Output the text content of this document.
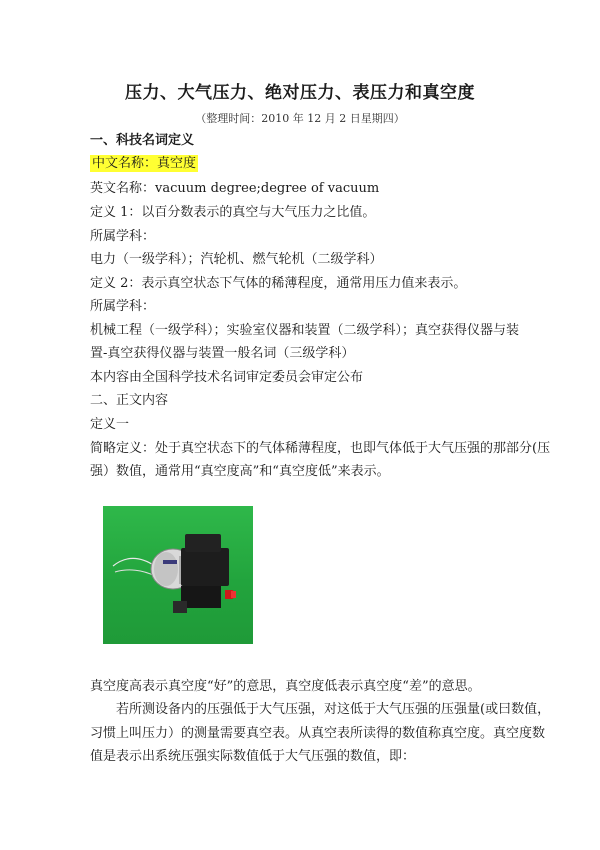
压力、大气压力、绝对压力、表压力和真空度
（整理时间：2010 年 12 月 2 日星期四）
一、科技名词定义
中文名称：真空度
英文名称：vacuum degree;degree of vacuum
定义 1：以百分数表示的真空与大气压力之比值。
所属学科：
电力（一级学科）；汽轮机、燃气轮机（二级学科）
定义 2：表示真空状态下气体的稀薄程度，通常用压力值来表示。
所属学科：
机械工程（一级学科）；实验室仪器和装置（二级学科）；真空获得仪器与装
置-真空获得仪器与装置一般名词（三级学科）
本内容由全国科学技术名词审定委员会审定公布
二、正文内容
定义一
简略定义：处于真空状态下的气体稀薄程度，也即气体低于大气压强的那部分(压
强）数值，通常用“真空度高”和“真空度低”来表示。
真空度高表示真空度“好”的意思，真空度低表示真空度“差”的意思。
若所测设备内的压强低于大气压强，对这低于大气压强的压强量(或曰数值，
习惯上叫压力）的测量需要真空表。从真空表所读得的数值称真空度。真空度数
值是表示出系统压强实际数值低于大气压强的数值，即：
